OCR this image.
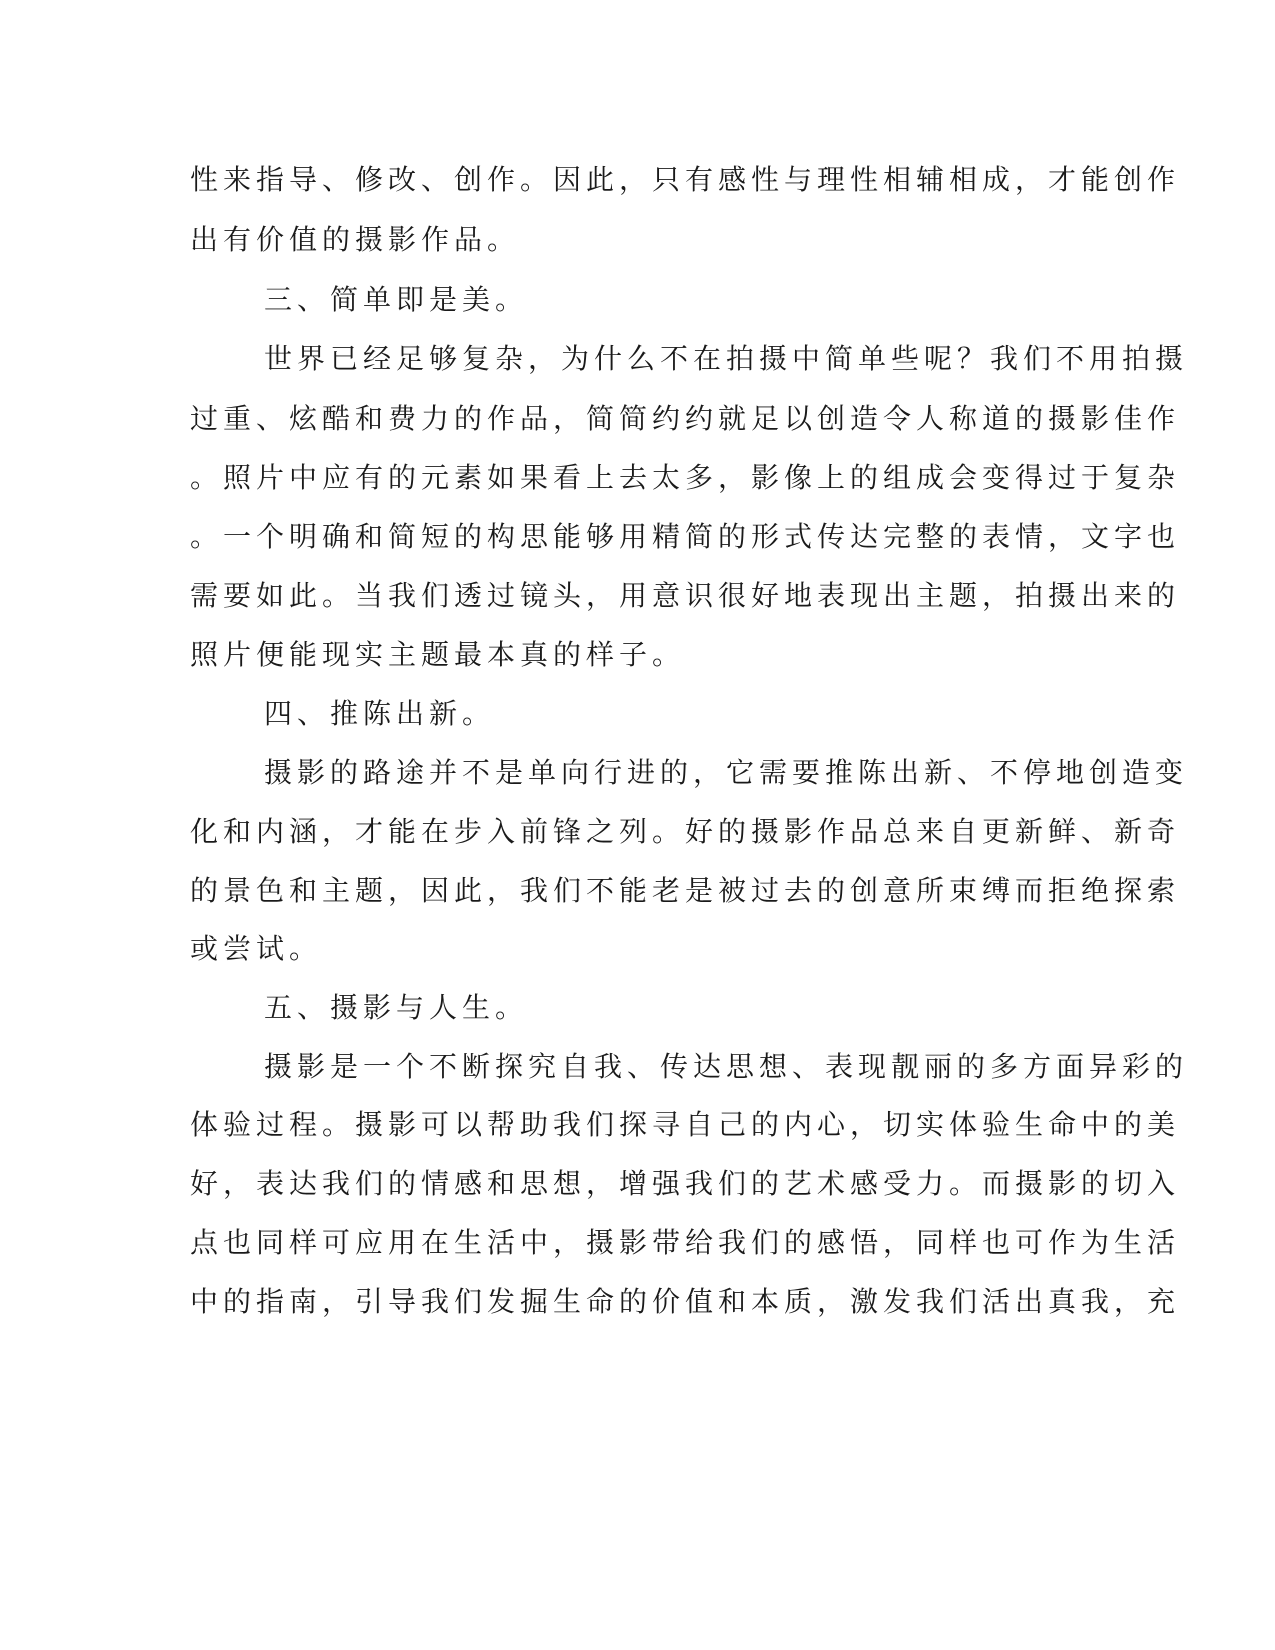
性来指导、修改、创作。因此，只有感性与理性相辅相成，才能创作
出有价值的摄影作品。
三、简单即是美。
世界已经足够复杂，为什么不在拍摄中简单些呢？我们不用拍摄
过重、炫酷和费力的作品，简简约约就足以创造令人称道的摄影佳作
。照片中应有的元素如果看上去太多，影像上的组成会变得过于复杂
。一个明确和简短的构思能够用精简的形式传达完整的表情，文字也
需要如此。当我们透过镜头，用意识很好地表现出主题，拍摄出来的
照片便能现实主题最本真的样子。
四、推陈出新。
摄影的路途并不是单向行进的，它需要推陈出新、不停地创造变
化和内涵，才能在步入前锋之列。好的摄影作品总来自更新鲜、新奇
的景色和主题，因此，我们不能老是被过去的创意所束缚而拒绝探索
或尝试。
五、摄影与人生。
摄影是一个不断探究自我、传达思想、表现靓丽的多方面异彩的
体验过程。摄影可以帮助我们探寻自己的内心，切实体验生命中的美
好，表达我们的情感和思想，增强我们的艺术感受力。而摄影的切入
点也同样可应用在生活中，摄影带给我们的感悟，同样也可作为生活
中的指南，引导我们发掘生命的价值和本质，激发我们活出真我，充
